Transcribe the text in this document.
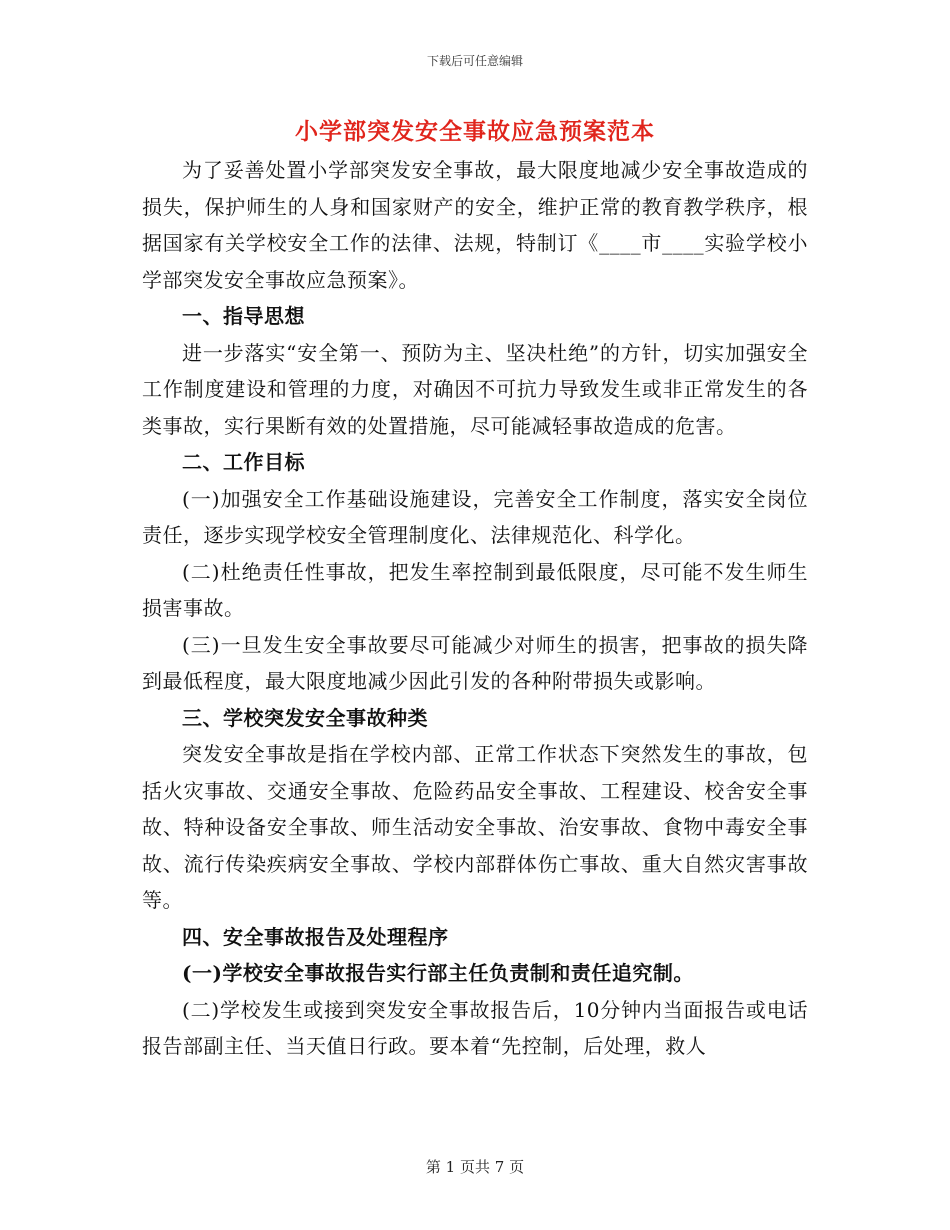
下载后可任意编辑
小学部突发安全事故应急预案范本

为了妥善处置小学部突发安全事故，最大限度地减少安全事故造成的损失，保护师生的人身和国家财产的安全，维护正常的教育教学秩序，根据国家有关学校安全工作的法律、法规，特制订《____市____实验学校小学部突发安全事故应急预案》。

一、指导思想

进一步落实“安全第一、预防为主、坚决杜绝”的方针，切实加强安全工作制度建设和管理的力度，对确因不可抗力导致发生或非正常发生的各类事故，实行果断有效的处置措施，尽可能减轻事故造成的危害。

二、工作目标

(一)加强安全工作基础设施建设，完善安全工作制度，落实安全岗位责任，逐步实现学校安全管理制度化、法律规范化、科学化。

(二)杜绝责任性事故，把发生率控制到最低限度，尽可能不发生师生损害事故。

(三)一旦发生安全事故要尽可能减少对师生的损害，把事故的损失降到最低程度，最大限度地减少因此引发的各种附带损失或影响。

三、学校突发安全事故种类

突发安全事故是指在学校内部、正常工作状态下突然发生的事故，包括火灾事故、交通安全事故、危险药品安全事故、工程建设、校舍安全事故、特种设备安全事故、师生活动安全事故、治安事故、食物中毒安全事故、流行传染疾病安全事故、学校内部群体伤亡事故、重大自然灾害事故等。

四、安全事故报告及处理程序

(一)学校安全事故报告实行部主任负责制和责任追究制。

(二)学校发生或接到突发安全事故报告后，10分钟内当面报告或电话报告部副主任、当天值日行政。要本着“先控制，后处理，救人

第 1 页共 7 页
